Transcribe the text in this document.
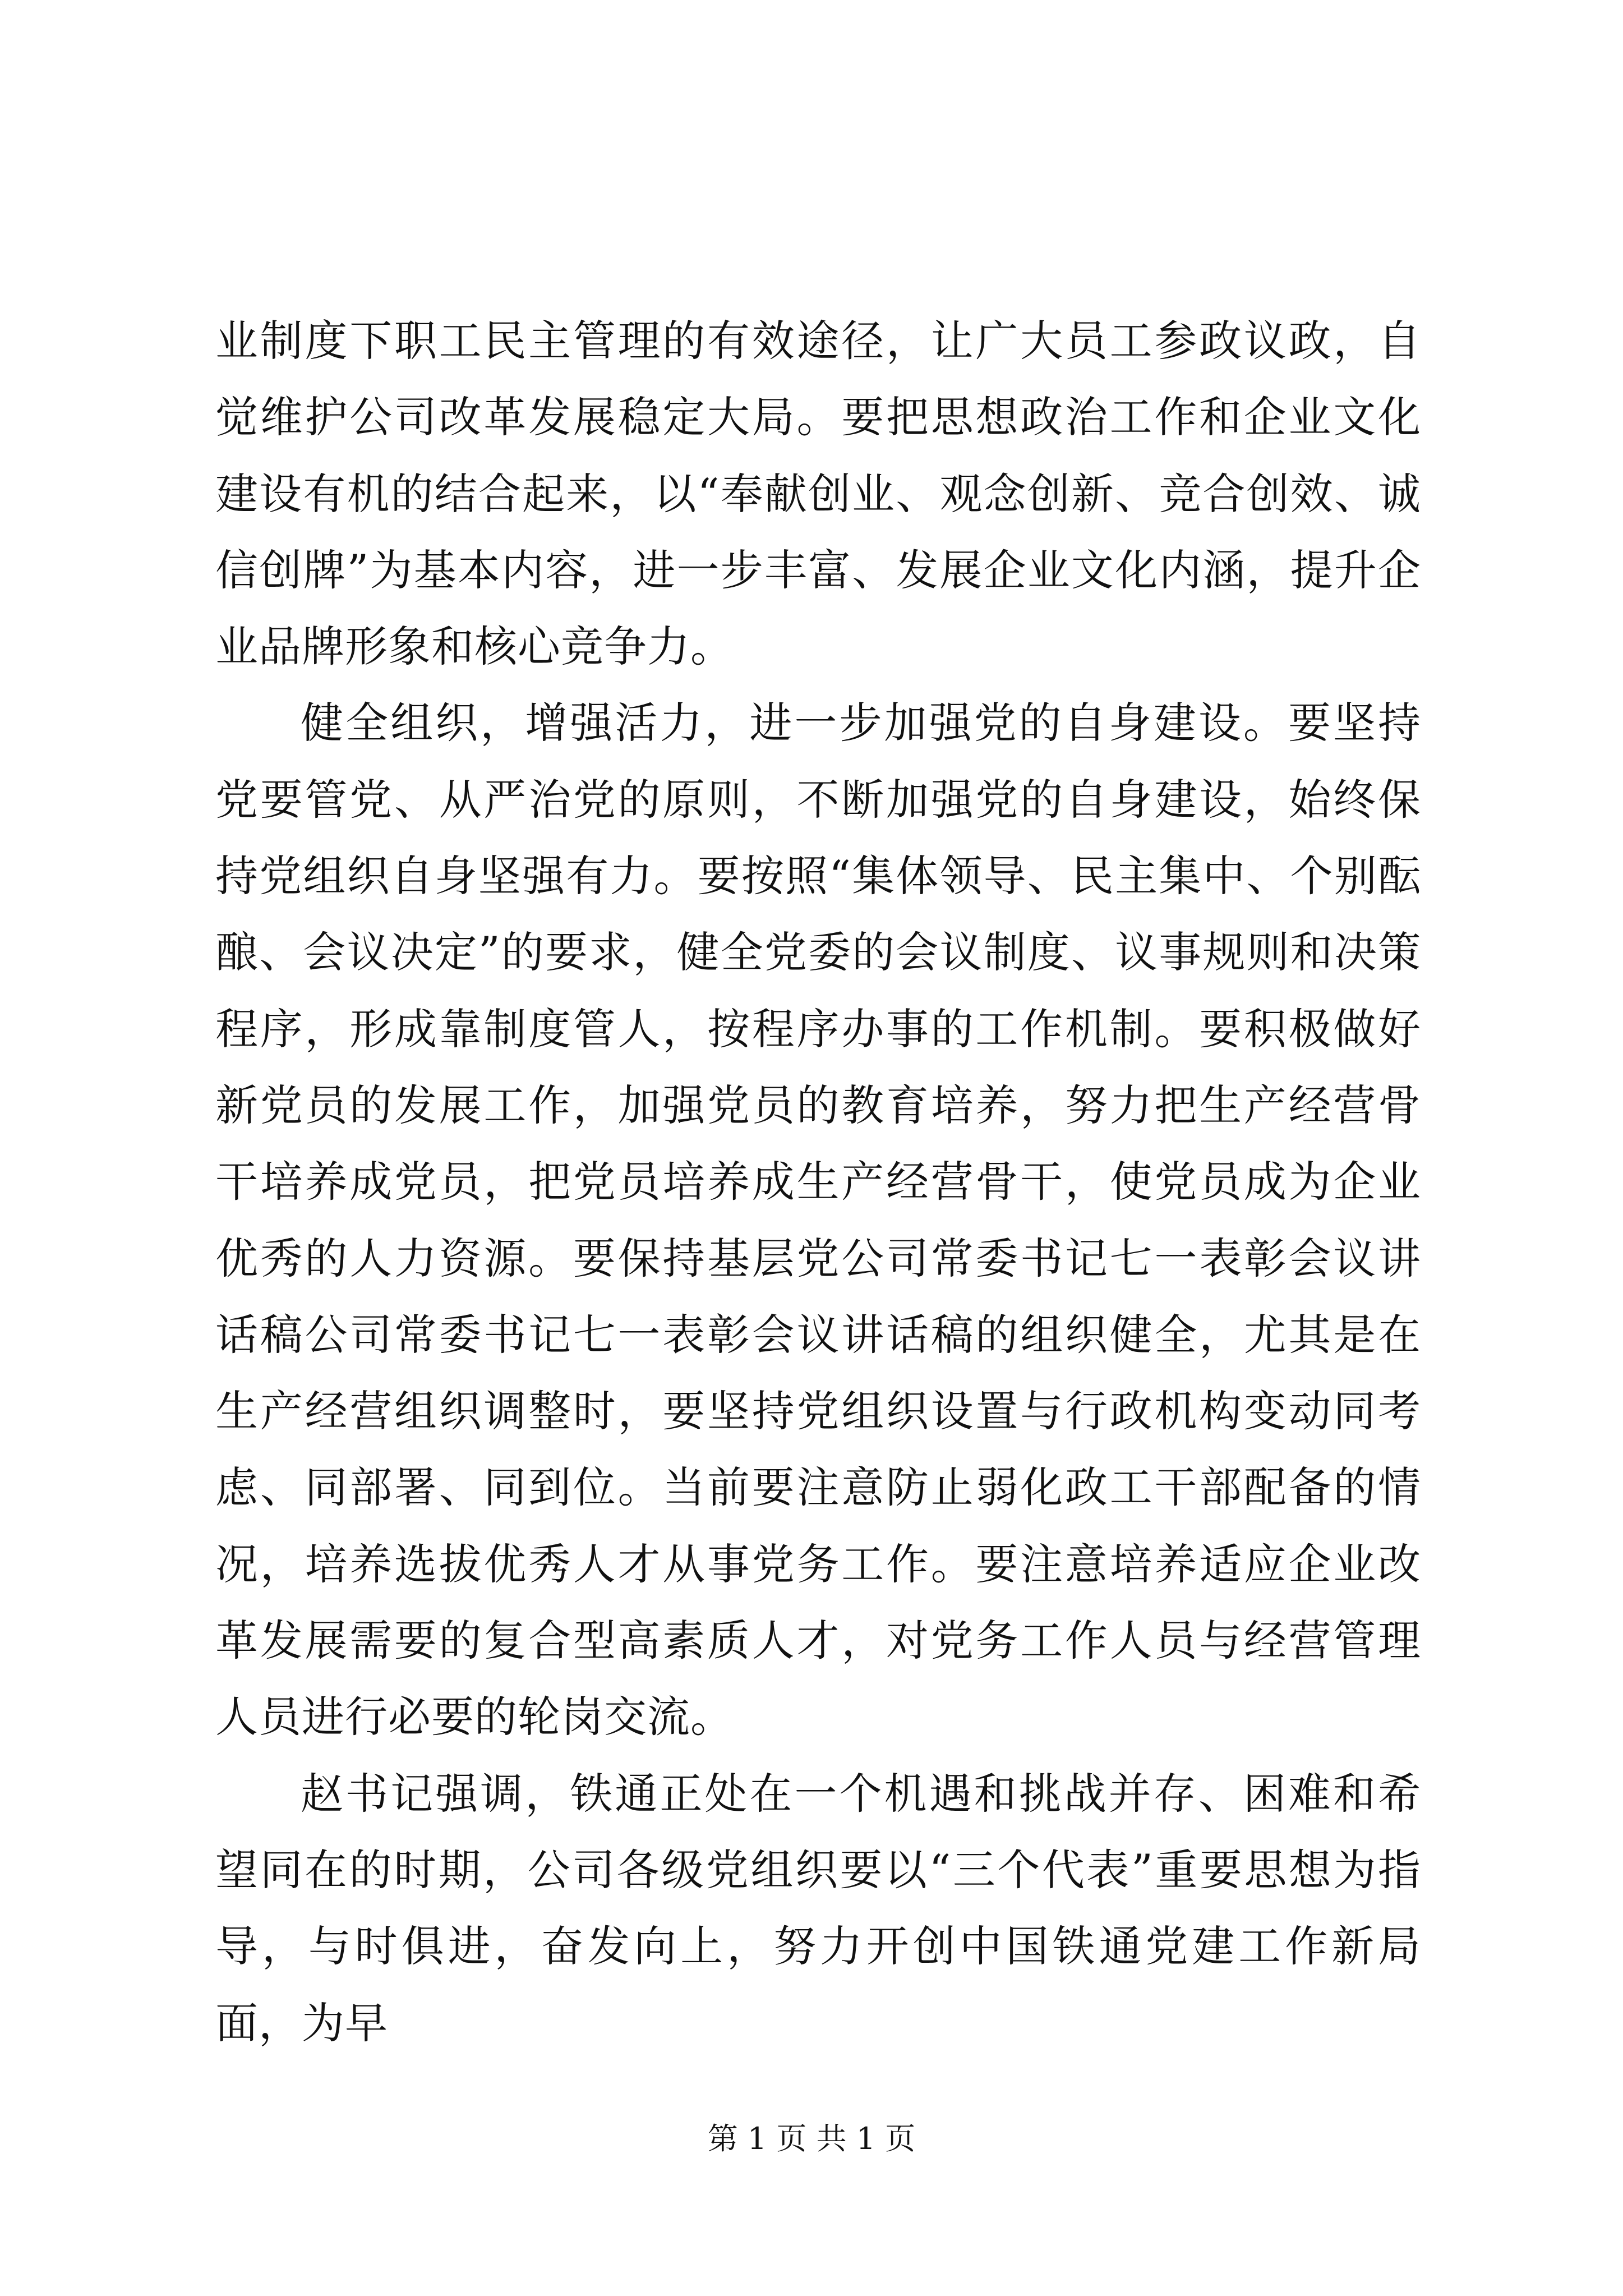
业制度下职工民主管理的有效途径，让广大员工参政议政，自觉维护公司改革发展稳定大局。要把思想政治工作和企业文化建设有机的结合起来，以“奉献创业、观念创新、竞合创效、诚信创牌”为基本内容，进一步丰富、发展企业文化内涵，提升企业品牌形象和核心竞争力。

健全组织，增强活力，进一步加强党的自身建设。要坚持党要管党、从严治党的原则，不断加强党的自身建设，始终保持党组织自身坚强有力。要按照“集体领导、民主集中、个别酝酿、会议决定”的要求，健全党委的会议制度、议事规则和决策程序，形成靠制度管人，按程序办事的工作机制。要积极做好新党员的发展工作，加强党员的教育培养，努力把生产经营骨干培养成党员，把党员培养成生产经营骨干，使党员成为企业优秀的人力资源。要保持基层党公司常委书记七一表彰会议讲话稿公司常委书记七一表彰会议讲话稿的组织健全，尤其是在生产经营组织调整时，要坚持党组织设置与行政机构变动同考虑、同部署、同到位。当前要注意防止弱化政工干部配备的情况，培养选拔优秀人才从事党务工作。要注意培养适应企业改革发展需要的复合型高素质人才，对党务工作人员与经营管理人员进行必要的轮岗交流。

赵书记强调，铁通正处在一个机遇和挑战并存、困难和希望同在的时期，公司各级党组织要以“三个代表”重要思想为指导，与时俱进，奋发向上，努力开创中国铁通党建工作新局面，为早

第 1 页 共 1 页
